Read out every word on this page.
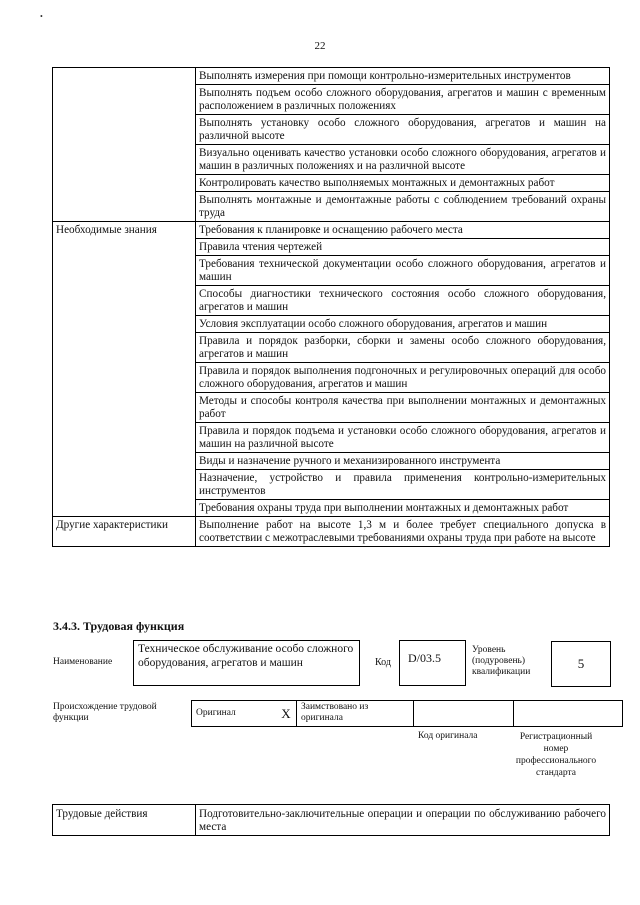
•
22
	Выполнять измерения при помощи контрольно-измерительных инструментов
	Выполнять подъем особо сложного оборудования, агрегатов и машин с временным расположением в различных положениях
	Выполнять установку особо сложного оборудования, агрегатов и машин на различной высоте
	Визуально оценивать качество установки особо сложного оборудования, агрегатов и машин в различных положениях и на различной высоте
	Контролировать качество выполняемых монтажных и демонтажных работ
	Выполнять монтажные и демонтажные работы с соблюдением требований охраны труда
Необходимые знания	Требования к планировке и оснащению рабочего места
	Правила чтения чертежей
	Требования технической документации особо сложного оборудования, агрегатов и машин
	Способы диагностики технического состояния особо сложного оборудования, агрегатов и машин
	Условия эксплуатации особо сложного оборудования, агрегатов и машин
	Правила и порядок разборки, сборки и замены особо сложного оборудования, агрегатов и машин
	Правила и порядок выполнения подгоночных и регулировочных операций для особо сложного оборудования, агрегатов и машин
	Методы и способы контроля качества при выполнении монтажных и демонтажных работ
	Правила и порядок подъема и установки особо сложного оборудования, агрегатов и машин на различной высоте
	Виды и назначение ручного и механизированного инструмента
	Назначение, устройство и правила применения контрольно-измерительных инструментов
	Требования охраны труда при выполнении монтажных и демонтажных работ
Другие характеристики	Выполнение работ на высоте 1,3 м и более требует специального допуска в соответствии с межотраслевыми требованиями охраны труда при работе на высоте
3.4.3. Трудовая функция
Наименование
Техническое обслуживание особо сложного оборудования, агрегатов и машин	Код	D/03.5
Уровень
(подуровень)
квалификации
5
Происхождение трудовой функции	Оригинал	X	Заимствовано из оригинала		
Код оригинала	Регистрационный номер профессионального стандарта
Трудовые действия	Подготовительно-заключительные операции и операции по обслуживанию рабочего места
